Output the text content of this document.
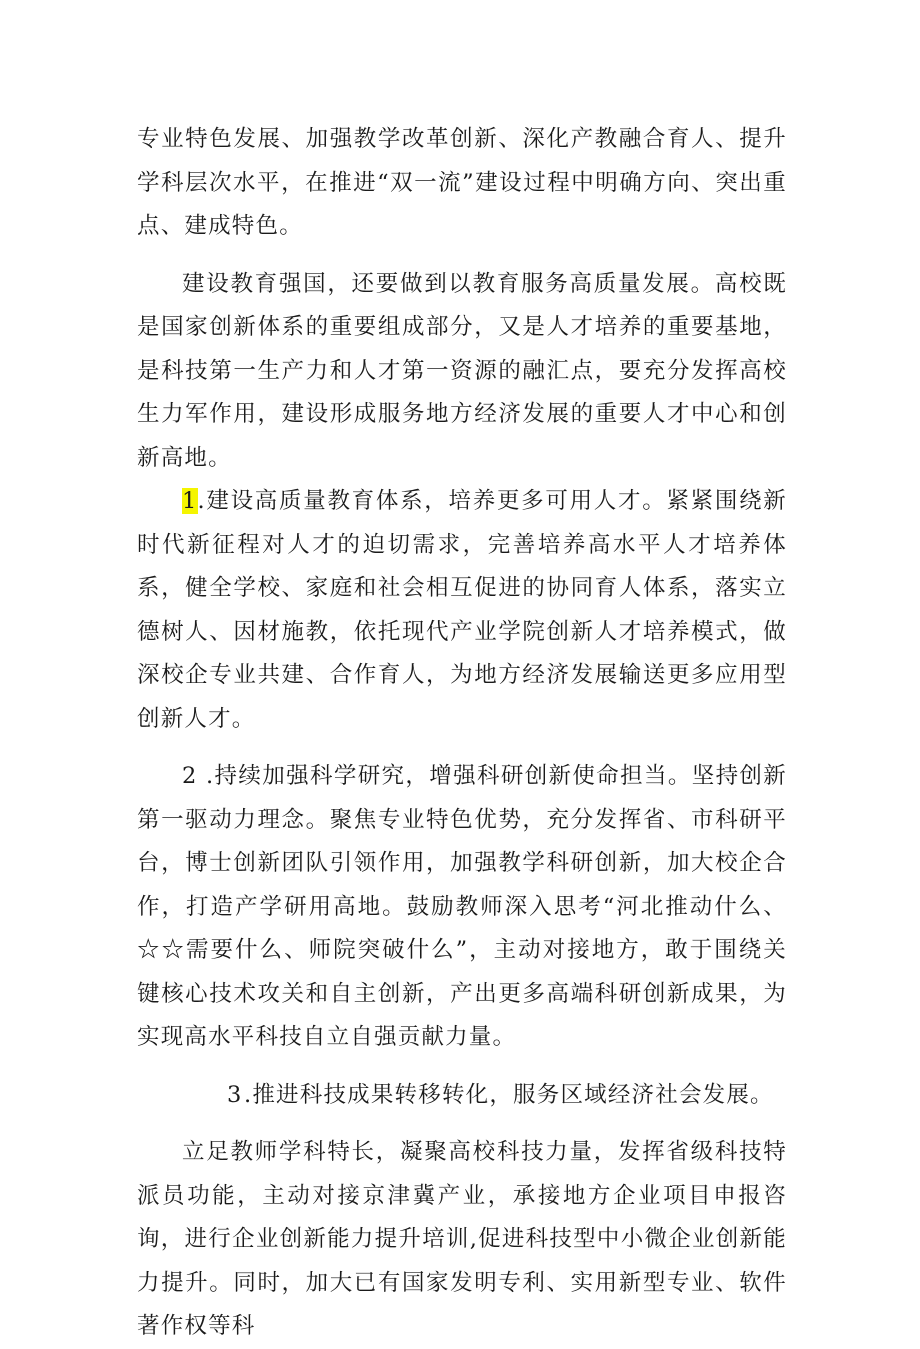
专业特色发展、加强教学改革创新、深化产教融合育人、提升学科层次水平，在推进“双一流”建设过程中明确方向、突出重点、建成特色。

建设教育强国，还要做到以教育服务高质量发展。高校既是国家创新体系的重要组成部分，又是人才培养的重要基地，是科技第一生产力和人才第一资源的融汇点，要充分发挥高校生力军作用，建设形成服务地方经济发展的重要人才中心和创新高地。

1.建设高质量教育体系，培养更多可用人才。紧紧围绕新时代新征程对人才的迫切需求，完善培养高水平人才培养体系，健全学校、家庭和社会相互促进的协同育人体系，落实立德树人、因材施教，依托现代产业学院创新人才培养模式，做深校企专业共建、合作育人，为地方经济发展输送更多应用型创新人才。

2 .持续加强科学研究，增强科研创新使命担当。坚持创新第一驱动力理念。聚焦专业特色优势，充分发挥省、市科研平台，博士创新团队引领作用，加强教学科研创新，加大校企合作，打造产学研用高地。鼓励教师深入思考“河北推动什么、☆☆需要什么、师院突破什么”，主动对接地方，敢于围绕关键核心技术攻关和自主创新，产出更多高端科研创新成果，为实现高水平科技自立自强贡献力量。

3.推进科技成果转移转化，服务区域经济社会发展。

立足教师学科特长，凝聚高校科技力量，发挥省级科技特派员功能，主动对接京津冀产业，承接地方企业项目申报咨询，进行企业创新能力提升培训,促进科技型中小微企业创新能力提升。同时，加大已有国家发明专利、实用新型专业、软件著作权等科
